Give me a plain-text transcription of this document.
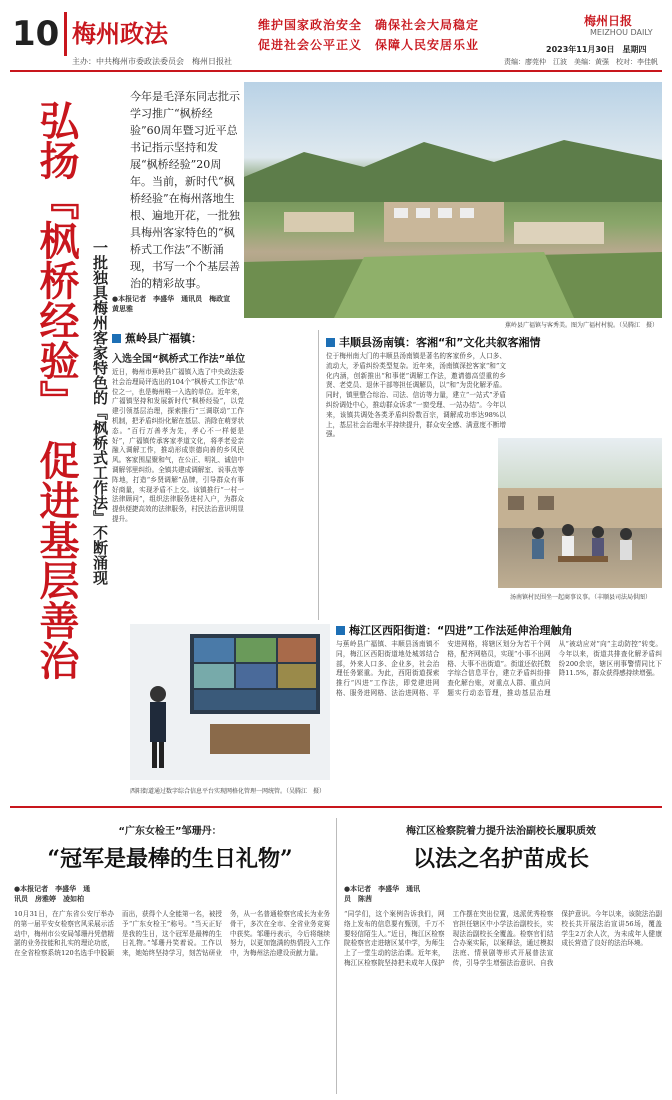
10 梅州政法	维护国家政治安全　确保社会大局稳定
促进社会公平正义　保障人民安居乐业
梅州日报
MEIZHOU DAILY
2023年11月30日　星期四
主办：中共梅州市委政法委员会　梅州日报社	责编：廖莞仲　江波　美编：黄强　校对：李佳帆
弘扬『枫桥经验』　促进基层善治 一批独具梅州客家特色的『枫桥式工作法』不断涌现
今年是毛泽东同志批示学习推广“枫桥经验”60周年暨习近平总书记指示坚持和发展“枫桥经验”20周年。当前，新时代“枫桥经验”在梅州落地生根、遍地开花，一批独具梅州客家特色的“枫桥式工作法”不断涌现，书写一个个基层善治的精彩故事。
蕉岭县广福镇与客秀美。图为广福村村貌。（吴腾江　摄）
●本报记者　李盛华　通讯员　梅政宣　黄思雅
蕉岭县广福镇：
入选全国“枫桥式工作法”单位
近日，梅州市蕉岭县广福镇入选了中央政法委社会治理局评选出的104个“枫桥式工作法”单位之一，也是梅州唯一入选的单位。近年来，广福镇坚持和发展新时代“枫桥经验”，以党建引领基层治理，探索推行“三调联动”工作机制，把矛盾纠纷化解在基层、消除在萌芽状态。“百行万善孝为先，孝心不一样便是好”，广福镇传承客家孝道文化，将孝老爱亲融入调解工作，推动形成崇德向善的乡风民风。客家围屋聚和气，在公正、明礼、诚信中调解邻里纠纷。全镇共建成调解室、说事点等阵地，打造“乡贤调解”品牌，引导群众有事好商量，实现矛盾不上交。该镇推行“一村一法律顾问”，组织法律服务进村入户，为群众提供便捷高效的法律服务，村民法治意识明显提升。
丰顺县汤南镇：客湘“和”文化共叙客湘情
位于梅州南大门的丰顺县汤南镇是著名的客家侨乡，人口多、流动大，矛盾纠纷类型复杂。近年来，汤南镇深挖客家“和”文化内涵，创新推出“和事佬”调解工作法，邀请德高望重的乡贤、老党员、退休干部等担任调解员，以“和”为贵化解矛盾。同时，镇里整合综治、司法、信访等力量，建立“一站式”矛盾纠纷调处中心，推动群众诉求“一窗受理、一站办结”。今年以来，该镇共调处各类矛盾纠纷数百宗，调解成功率达98%以上，基层社会治理水平持续提升，群众安全感、满意度不断增强。
汤南镇村民围坐一起商事议事。（丰顺县司法局供图）
西阳街道通过数字综合信息平台实现网格化管理一网统管。（吴腾江　摄）
梅江区西阳街道：“四进”工作法延伸治理触角
与蕉岭县广福镇、丰顺县汤南镇不同，梅江区西阳街道地处城郊结合部，外来人口多、企业多，社会治理任务繁重。为此，西阳街道探索推行“四进”工作法，即党建进网格、服务进网格、法治进网格、平安进网格，将辖区划分为若干个网格，配齐网格员，实现“小事不出网格、大事不出街道”。街道还依托数字综合信息平台，建立矛盾纠纷排查化解台账，对重点人群、重点问题实行动态管理，推动基层治理从“被动应对”向“主动防控”转变。今年以来，街道共排查化解矛盾纠纷200余宗，辖区刑事警情同比下降11.5%，群众获得感持续增强。
“广东女检王”邹珊丹：
“冠军是最棒的生日礼物”
●本报记者　李盛华　通讯员　房雅婷　凌如柏
10月31日，在广东省公安厅举办的第一届平安女检察官风采展示活动中，梅州市公安局邹珊丹凭借精湛的业务技能和扎实的理论功底，在全省检察系统120名选手中脱颖而出，获得个人全能第一名，被授予“广东女检王”称号。“当天正好是我的生日，这个冠军是最棒的生日礼物。”邹珊丹笑着说。工作以来，她始终坚持学习，刻苦钻研业务，从一名普通检察官成长为业务骨干，多次在全市、全省业务竞赛中获奖。邹珊丹表示，今后将继续努力，以更加饱满的热情投入工作中，为梅州法治建设贡献力量。
梅江区检察院着力提升法治副校长履职质效
以法之名护苗成长
●本记者　李盛华　通讯员　陈茜
“同学们，这个案例告诉我们，网络上发布的信息要有甄别，千万不要轻信陌生人。”近日，梅江区检察院检察官走进辖区某中学，为师生上了一堂生动的法治课。近年来，梅江区检察院坚持把未成年人保护工作摆在突出位置，选派优秀检察官担任辖区中小学法治副校长，实现法治副校长全覆盖。检察官们结合办案实际，以案释法，通过模拟法庭、情景剧等形式开展普法宣传，引导学生增强法治意识、自我保护意识。今年以来，该院法治副校长共开展法治宣讲56场，覆盖学生2万余人次，为未成年人健康成长营造了良好的法治环境。
